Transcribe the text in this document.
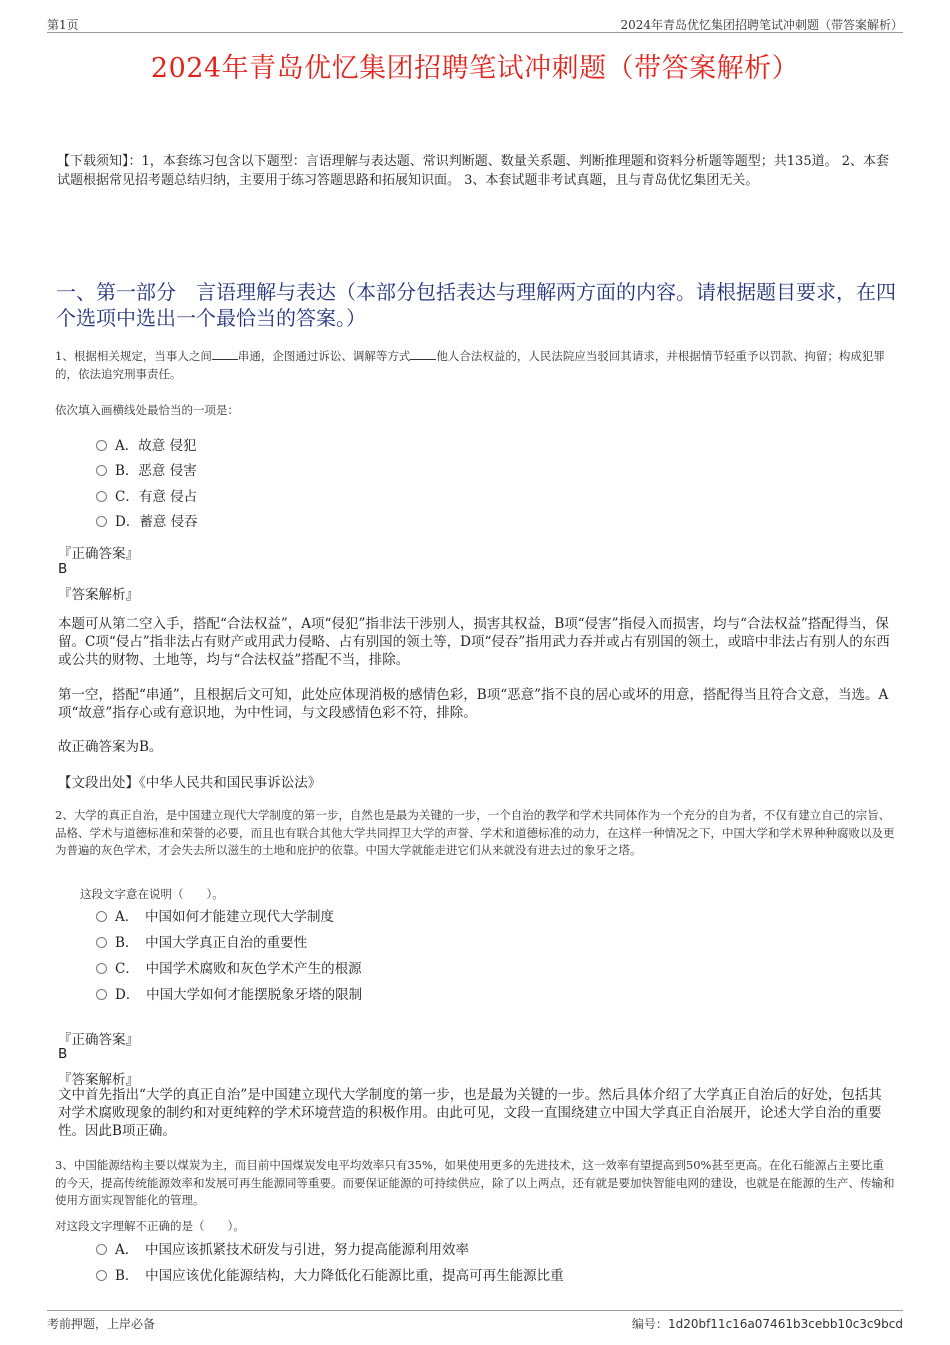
第1页	2024年青岛优忆集团招聘笔试冲刺题（带答案解析）
2024年青岛优忆集团招聘笔试冲刺题（带答案解析）
【下载须知】：1，本套练习包含以下题型：言语理解与表达题、常识判断题、数量关系题、判断推理题和资料分析题等题型；共135道。 2、本套试题根据常见招考题总结归纳，主要用于练习答题思路和拓展知识面。 3、本套试题非考试真题，且与青岛优忆集团无关。
一、第一部分　言语理解与表达（本部分包括表达与理解两方面的内容。请根据题目要求，在四个选项中选出一个最恰当的答案。）
1、根据相关规定，当事人之间 串通，企图通过诉讼、调解等方式 他人合法权益的，人民法院应当驳回其请求，并根据情节轻重予以罚款、拘留；构成犯罪的，依法追究刑事责任。
依次填入画横线处最恰当的一项是：
A．故意 侵犯
B．恶意 侵害
C．有意 侵占
D．蓄意 侵吞
『正确答案』
B
『答案解析』
本题可从第二空入手，搭配“合法权益”，A项“侵犯”指非法干涉别人，损害其权益，B项“侵害”指侵入而损害，均与“合法权益”搭配得当，保留。C项“侵占”指非法占有财产或用武力侵略、占有别国的领土等，D项“侵吞”指用武力吞并或占有别国的领土，或暗中非法占有别人的东西或公共的财物、土地等，均与“合法权益”搭配不当，排除。
第一空，搭配“串通”，且根据后文可知，此处应体现消极的感情色彩，B项“恶意”指不良的居心或坏的用意，搭配得当且符合文意，当选。A项“故意”指存心或有意识地，为中性词，与文段感情色彩不符，排除。
故正确答案为B。
【文段出处】《中华人民共和国民事诉讼法》
2、大学的真正自治，是中国建立现代大学制度的第一步，自然也是最为关键的一步，一个自治的教学和学术共同体作为一个充分的自为者，不仅有建立自己的宗旨、品格、学术与道德标准和荣誉的必要，而且也有联合其他大学共同捍卫大学的声誉、学术和道德标准的动力，在这样一种情况之下，中国大学和学术界种种腐败以及更为普遍的灰色学术，才会失去所以滋生的土地和庇护的依靠。中国大学就能走进它们从来就没有进去过的象牙之塔。
这段文字意在说明（　　）。
A．　中国如何才能建立现代大学制度
B．　中国大学真正自治的重要性
C．　中国学术腐败和灰色学术产生的根源
D．　中国大学如何才能摆脱象牙塔的限制
『正确答案』
B
『答案解析』
文中首先指出“大学的真正自治”是中国建立现代大学制度的第一步，也是最为关键的一步。然后具体介绍了大学真正自治后的好处，包括其对学术腐败现象的制约和对更纯粹的学术环境营造的积极作用。由此可见，文段一直围绕建立中国大学真正自治展开，论述大学自治的重要性。因此B项正确。
3、中国能源结构主要以煤炭为主，而目前中国煤炭发电平均效率只有35%，如果使用更多的先进技术，这一效率有望提高到50%甚至更高。在化石能源占主要比重的今天，提高传统能源效率和发展可再生能源同等重要。而要保证能源的可持续供应，除了以上两点，还有就是要加快智能电网的建设，也就是在能源的生产、传输和使用方面实现智能化的管理。
对这段文字理解不正确的是（　　）。
A．　中国应该抓紧技术研发与引进，努力提高能源利用效率
B．　中国应该优化能源结构，大力降低化石能源比重，提高可再生能源比重
考前押题，上岸必备	编号：1d20bf11c16a07461b3cebb10c3c9bcd
